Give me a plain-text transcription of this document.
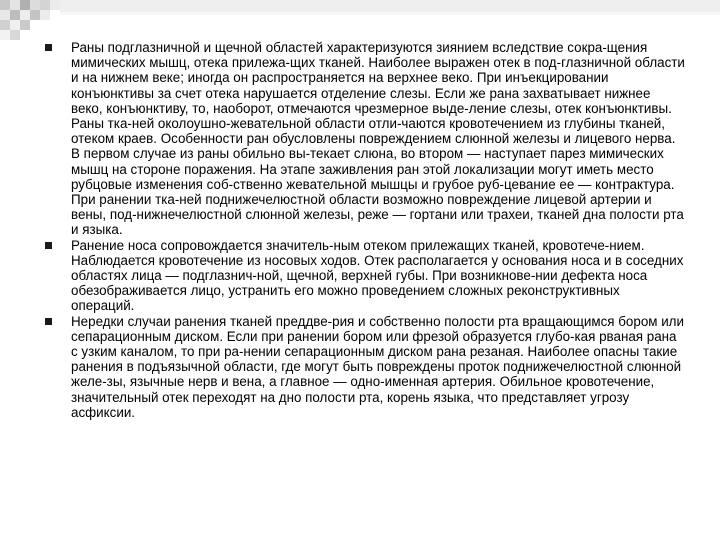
Раны подглазничной и щечной областей характеризуются зиянием вследствие сокра-щения мимических мышц, отека прилежа-щих тканей. Наиболее выражен отек в под-глазничной области и на нижнем веке; иногда он распространяется на верхнее веко. При инъекцировании конъюнктивы за счет отека нарушается отделение слезы. Если же рана захватывает нижнее веко, конъюнктиву, то, наоборот, отмечаются чрезмерное выде-ление слезы, отек конъюнктивы. Раны тка-ней околоушно-жевательной области отли-чаются кровотечением из глубины тканей, отеком краев. Особенности ран обусловлены повреждением слюнной железы и лицевого нерва. В первом случае из раны обильно вы-текает слюна, во втором — наступает парез мимических мышц на стороне поражения. На этапе заживления ран этой локализации могут иметь место рубцовые изменения соб-ственно жевательной мышцы и грубое руб-цевание ее — контрактура. При ранении тка-ней поднижечелюстной области возможно повреждение лицевой артерии и вены, под-нижнечелюстной слюнной железы, реже — гортани или трахеи, тканей дна полости рта и языка.
Ранение носа сопровождается значитель-ным отеком прилежащих тканей, кровотече-нием. Наблюдается кровотечение из носовых ходов. Отек располагается у основания носа и в соседних областях лица — подглазнич-ной, щечной, верхней губы. При возникнове-нии дефекта носа обезображивается лицо, устранить его можно проведением сложных реконструктивных операций.
Нередки случаи ранения тканей преддве-рия и собственно полости рта вращающимся бором или сепарационным диском. Если при ранении бором или фрезой образуется глубо-кая рваная рана с узким каналом, то при ра-нении сепарационным диском рана резаная. Наиболее опасны такие ранения в подъязычной области, где могут быть повреждены проток поднижечелюстной слюнной желе-зы, язычные нерв и вена, а главное — одно-именная артерия. Обильное кровотечение, значительный отек переходят на дно полости рта, корень языка, что представляет угрозу асфиксии.
